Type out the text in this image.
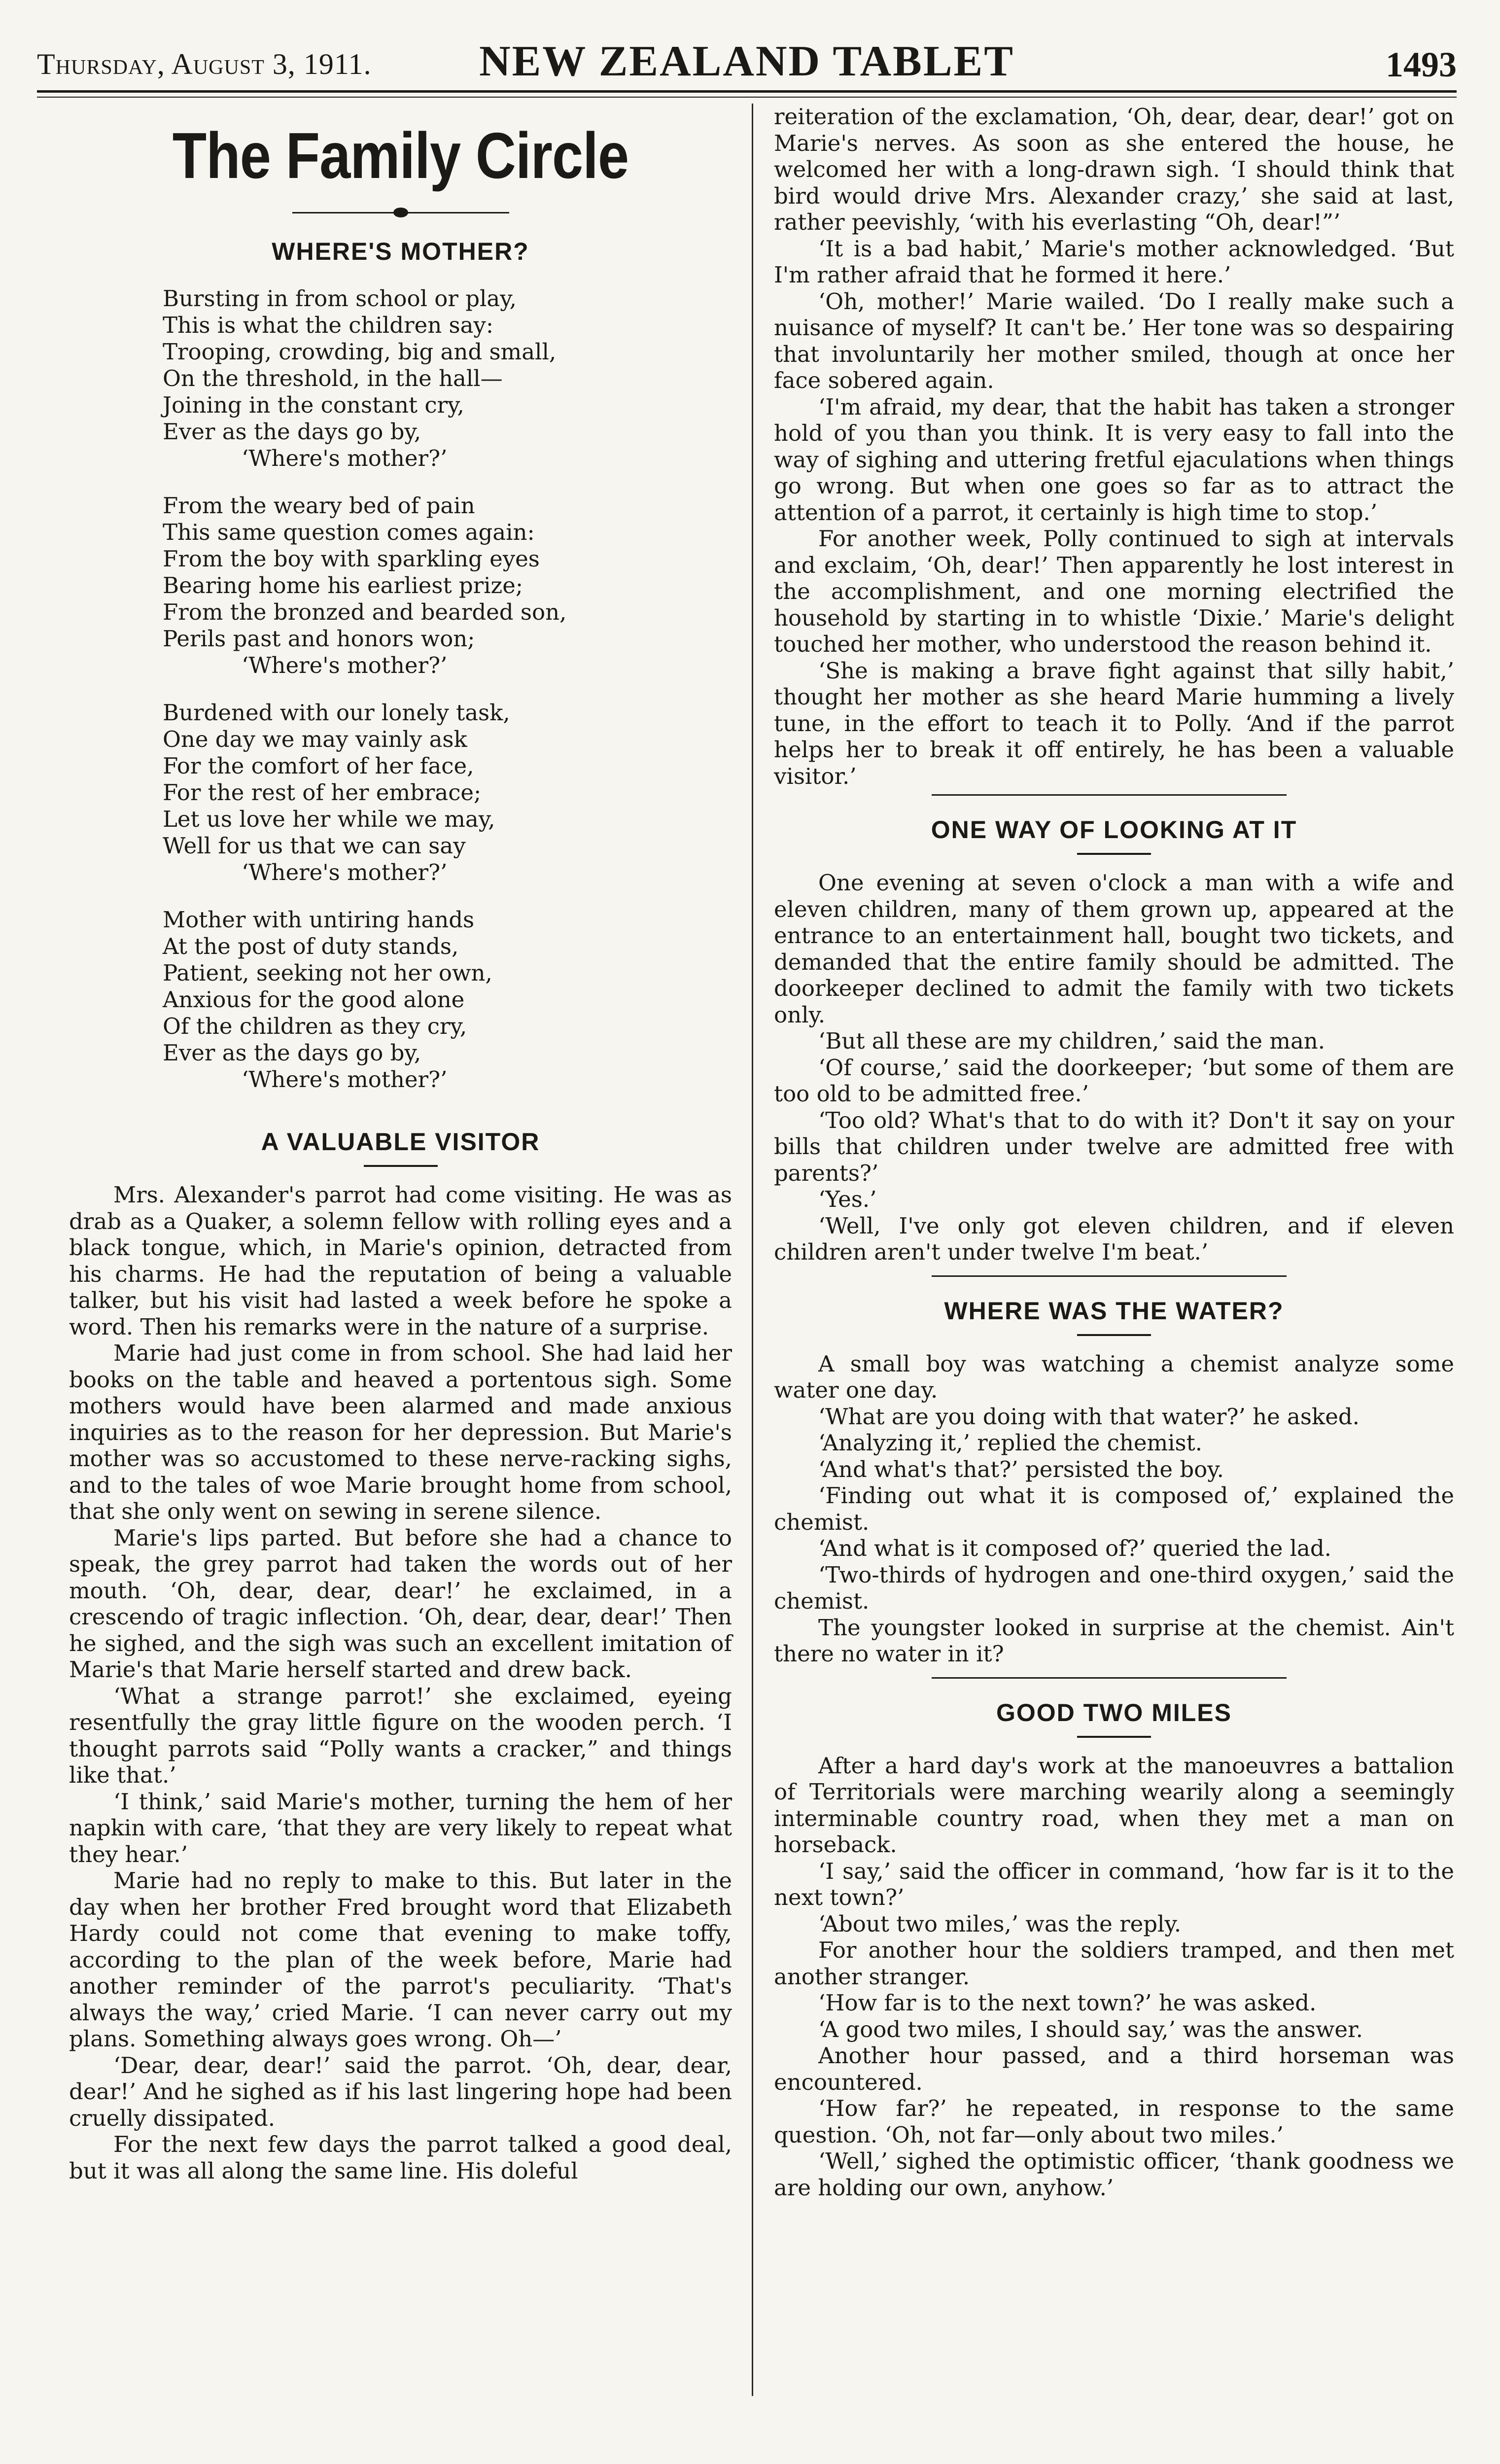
Thursday, August 3, 1911.	NEW ZEALAND TABLET	1493
The Family Circle
WHERE'S MOTHER?
Bursting in from school or play,
This is what the children say:
Trooping, crowding, big and small,
On the threshold, in the hall—
Joining in the constant cry,
Ever as the days go by,
‘Where's mother?’
From the weary bed of pain
This same question comes again:
From the boy with sparkling eyes
Bearing home his earliest prize;
From the bronzed and bearded son,
Perils past and honors won;
‘Where's mother?’
Burdened with our lonely task,
One day we may vainly ask
For the comfort of her face,
For the rest of her embrace;
Let us love her while we may,
Well for us that we can say
‘Where's mother?’
Mother with untiring hands
At the post of duty stands,
Patient, seeking not her own,
Anxious for the good alone
Of the children as they cry,
Ever as the days go by,
‘Where's mother?’
A VALUABLE VISITOR

Mrs. Alexander's parrot had come visiting. He was as drab as a Quaker, a solemn fellow with rolling eyes and a black tongue, which, in Marie's opinion, detracted from his charms. He had the reputation of being a valuable talker, but his visit had lasted a week before he spoke a word. Then his remarks were in the nature of a surprise.

Marie had just come in from school. She had laid her books on the table and heaved a portentous sigh. Some mothers would have been alarmed and made anxious inquiries as to the reason for her depression. But Marie's mother was so accustomed to these nerve-racking sighs, and to the tales of woe Marie brought home from school, that she only went on sewing in serene silence.

Marie's lips parted. But before she had a chance to speak, the grey parrot had taken the words out of her mouth. ‘Oh, dear, dear, dear!’ he exclaimed, in a crescendo of tragic inflection. ‘Oh, dear, dear, dear!’ Then he sighed, and the sigh was such an excellent imitation of Marie's that Marie herself started and drew back.

‘What a strange parrot!’ she exclaimed, eyeing resentfully the gray little figure on the wooden perch. ‘I thought parrots said “Polly wants a cracker,” and things like that.’

‘I think,’ said Marie's mother, turning the hem of her napkin with care, ‘that they are very likely to repeat what they hear.’

Marie had no reply to make to this. But later in the day when her brother Fred brought word that Elizabeth Hardy could not come that evening to make toffy, according to the plan of the week before, Marie had another reminder of the parrot's peculiarity. ‘That's always the way,’ cried Marie. ‘I can never carry out my plans. Something always goes wrong. Oh—’

‘Dear, dear, dear!’ said the parrot. ‘Oh, dear, dear, dear!’ And he sighed as if his last lingering hope had been cruelly dissipated.

For the next few days the parrot talked a good deal, but it was all along the same line. His doleful

reiteration of the exclamation, ‘Oh, dear, dear, dear!’ got on Marie's nerves. As soon as she entered the house, he welcomed her with a long-drawn sigh. ‘I should think that bird would drive Mrs. Alexander crazy,’ she said at last, rather peevishly, ‘with his everlasting “Oh, dear!”’

‘It is a bad habit,’ Marie's mother acknowledged. ‘But I'm rather afraid that he formed it here.’

‘Oh, mother!’ Marie wailed. ‘Do I really make such a nuisance of myself? It can't be.’ Her tone was so despairing that involuntarily her mother smiled, though at once her face sobered again.

‘I'm afraid, my dear, that the habit has taken a stronger hold of you than you think. It is very easy to fall into the way of sighing and uttering fretful ejaculations when things go wrong. But when one goes so far as to attract the attention of a parrot, it certainly is high time to stop.’

For another week, Polly continued to sigh at intervals and exclaim, ‘Oh, dear!’ Then apparently he lost interest in the accomplishment, and one morning electrified the household by starting in to whistle ‘Dixie.’ Marie's delight touched her mother, who understood the reason behind it.

‘She is making a brave fight against that silly habit,’ thought her mother as she heard Marie humming a lively tune, in the effort to teach it to Polly. ‘And if the parrot helps her to break it off entirely, he has been a valuable visitor.’

ONE WAY OF LOOKING AT IT

One evening at seven o'clock a man with a wife and eleven children, many of them grown up, appeared at the entrance to an entertainment hall, bought two tickets, and demanded that the entire family should be admitted. The doorkeeper declined to admit the family with two tickets only.

‘But all these are my children,’ said the man.

‘Of course,’ said the doorkeeper; ‘but some of them are too old to be admitted free.’

‘Too old? What's that to do with it? Don't it say on your bills that children under twelve are admitted free with parents?’

‘Yes.’

‘Well, I've only got eleven children, and if eleven children aren't under twelve I'm beat.’

WHERE WAS THE WATER?

A small boy was watching a chemist analyze some water one day.

‘What are you doing with that water?’ he asked.

‘Analyzing it,’ replied the chemist.

‘And what's that?’ persisted the boy.

‘Finding out what it is composed of,’ explained the chemist.

‘And what is it composed of?’ queried the lad.

‘Two-thirds of hydrogen and one-third oxygen,’ said the chemist.

The youngster looked in surprise at the chemist. Ain't there no water in it?

GOOD TWO MILES

After a hard day's work at the manoeuvres a battalion of Territorials were marching wearily along a seemingly interminable country road, when they met a man on horseback.

‘I say,’ said the officer in command, ‘how far is it to the next town?’

‘About two miles,’ was the reply.

For another hour the soldiers tramped, and then met another stranger.

‘How far is to the next town?’ he was asked.

‘A good two miles, I should say,’ was the answer.

Another hour passed, and a third horseman was encountered.

‘How far?’ he repeated, in response to the same question. ‘Oh, not far—only about two miles.’

‘Well,’ sighed the optimistic officer, ‘thank goodness we are holding our own, anyhow.’
